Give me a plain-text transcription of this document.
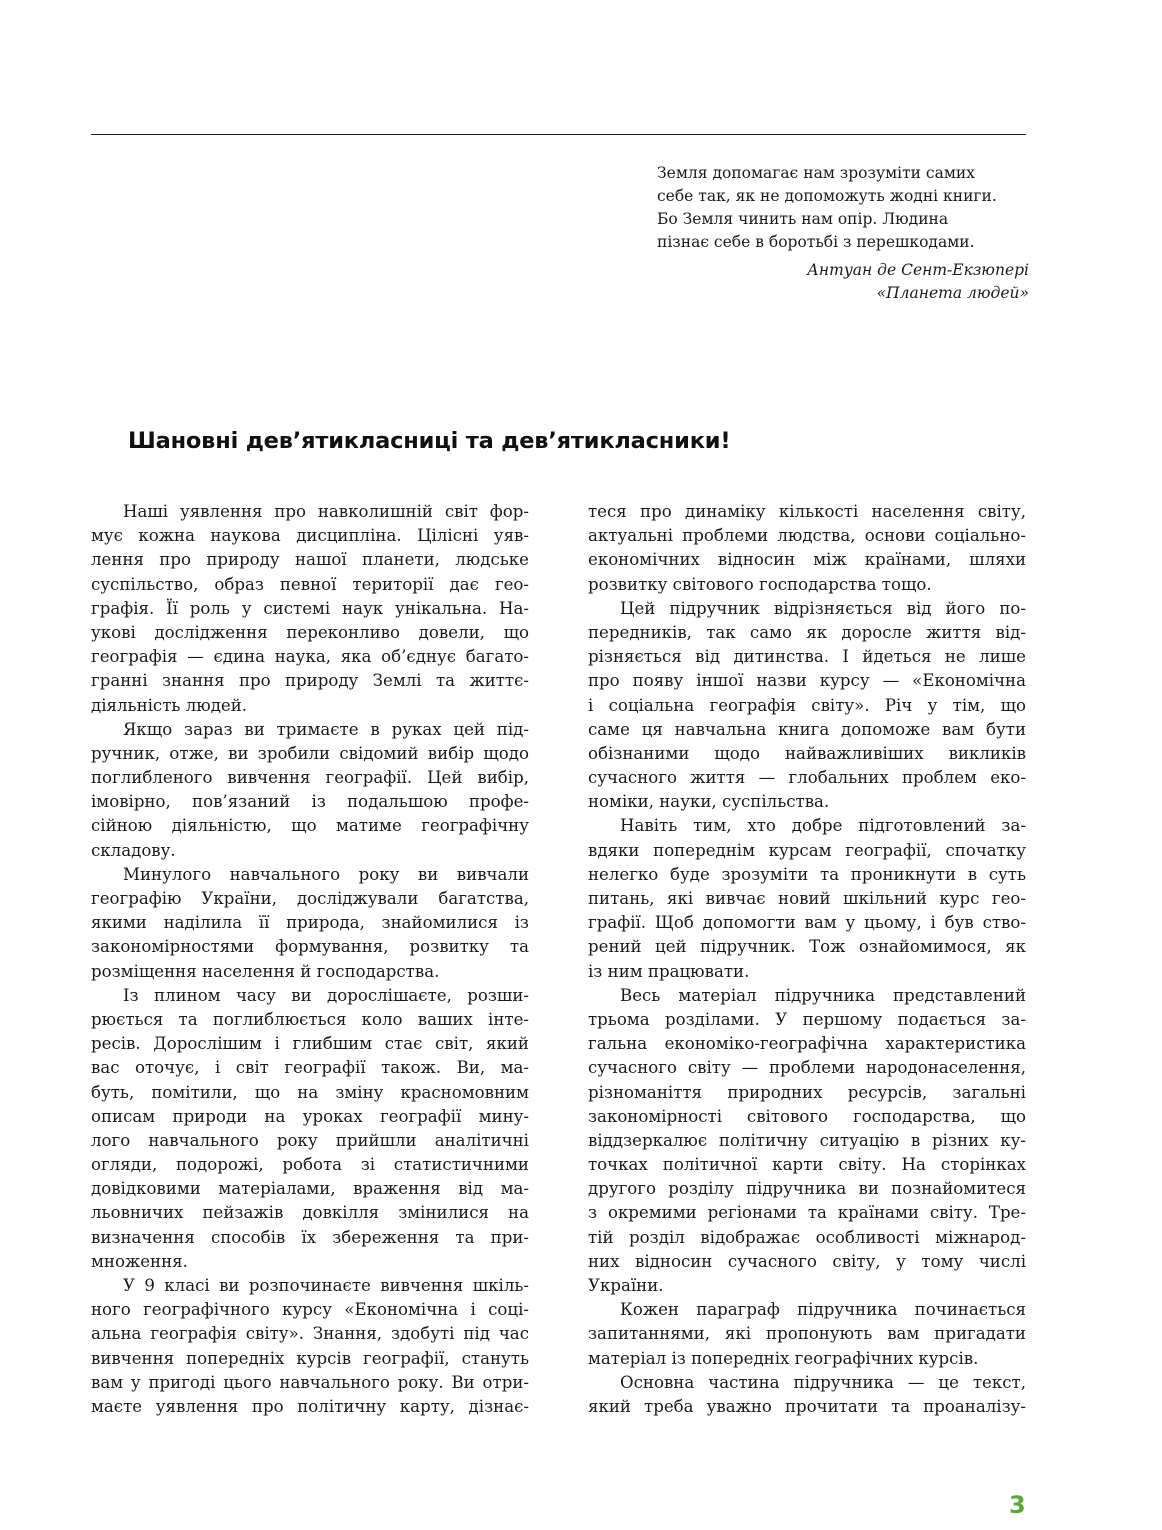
Земля допомагає нам зрозуміти самих
себе так, як не допоможуть жодні книги.
Бо Земля чинить нам опір. Людина
пізнає себе в боротьбі з перешкодами.
Антуан де Сент-Екзюпері
«Планета людей»
Шановні дев’ятикласниці та дев’ятикласники!
Наші уявлення про навколишній світ фор-
мує кожна наукова дисципліна. Цілісні уяв-
лення про природу нашої планети, людське
суспільство, образ певної території дає гео-
графія. Її роль у системі наук унікальна. На-
укові дослідження переконливо довели, що
географія — єдина наука, яка об’єднує багато-
гранні знання про природу Землі та життє-
діяльність людей.
Якщо зараз ви тримаєте в руках цей під-
ручник, отже, ви зробили свідомий вибір щодо
поглибленого вивчення географії. Цей вибір,
імовірно, пов’язаний із подальшою профе-
сійною діяльністю, що матиме географічну
складову.
Минулого навчального року ви вивчали
географію України, досліджували багатства,
якими наділила її природа, знайомилися із
закономірностями формування, розвитку та
розміщення населення й господарства.
Із плином часу ви дорослішаєте, розши-
рюється та поглиблюється коло ваших інте-
ресів. Дорослішим і глибшим стає світ, який
вас оточує, і світ географії також. Ви, ма-
буть, помітили, що на зміну красномовним
описам природи на уроках географії мину-
лого навчального року прийшли аналітичні
огляди, подорожі, робота зі статистичними
довідковими матеріалами, враження від ма-
льовничих пейзажів довкілля змінилися на
визначення способів їх збереження та при-
множення.
У 9 класі ви розпочинаєте вивчення шкіль-
ного географічного курсу «Економічна і соці-
альна географія світу». Знання, здобуті під час
вивчення попередніх курсів географії, стануть
вам у пригоді цього навчального року. Ви отри-
маєте уявлення про політичну карту, дізнає-
теся про динаміку кількості населення світу,
актуальні проблеми людства, основи соціально-
економічних відносин між країнами, шляхи
розвитку світового господарства тощо.
Цей підручник відрізняється від його по-
передників, так само як доросле життя від-
різняється від дитинства. І йдеться не лише
про появу іншої назви курсу — «Економічна
і соціальна географія світу». Річ у тім, що
саме ця навчальна книга допоможе вам бути
обізнаними щодо найважливіших викликів
сучасного життя — глобальних проблем еко-
номіки, науки, суспільства.
Навіть тим, хто добре підготовлений за-
вдяки попереднім курсам географії, спочатку
нелегко буде зрозуміти та проникнути в суть
питань, які вивчає новий шкільний курс гео-
графії. Щоб допомогти вам у цьому, і був ство-
рений цей підручник. Тож ознайомимося, як
із ним працювати.
Весь матеріал підручника представлений
трьома розділами. У першому подається за-
гальна економіко-географічна характеристика
сучасного світу — проблеми народонаселення,
різноманіття природних ресурсів, загальні
закономірності світового господарства, що
віддзеркалює політичну ситуацію в різних ку-
точках політичної карти світу. На сторінках
другого розділу підручника ви познайомитеся
з окремими регіонами та країнами світу. Тре-
тій розділ відображає особливості міжнарод-
них відносин сучасного світу, у тому числі
України.
Кожен параграф підручника починається
запитаннями, які пропонують вам пригадати
матеріал із попередніх географічних курсів.
Основна частина підручника — це текст,
який треба уважно прочитати та проаналізу-
3
